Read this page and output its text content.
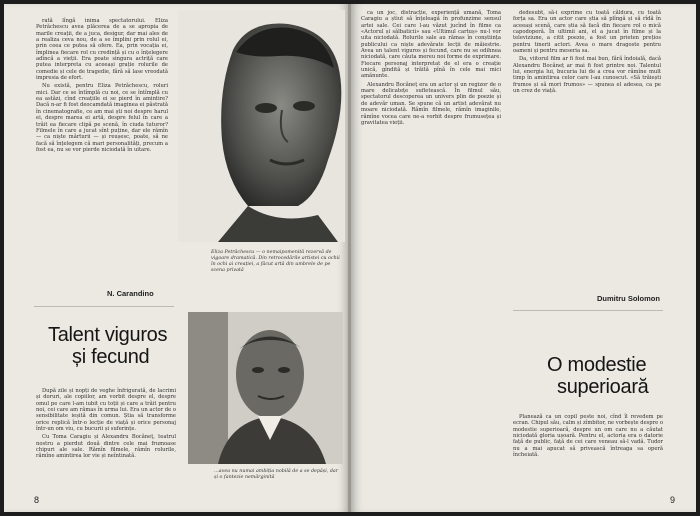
rată lîngă inima spectatorului. Eliza Petrăchescu avea plăcerea de a se apropia de marile creații, de a juca, desigur, dar mai ales de a realiza ceva nou, de a se împlini prin rolul ei, prin ceea ce putea să ofere. Ea, prin vocația ei, împlinea fiecare rol cu credință și cu o înțelegere adîncă a vieții. Era poate singura actriță care putea interpreta cu aceeași grație rolurile de comedie și cele de tragedie, fără să lase vreodată impresia de efort.

Nu există, pentru Eliza Petrăchescu, roluri mici. Dar ce se întîmplă cu noi, ce se întîmplă cu ea astăzi, cînd creațiile ei se pierd în amintire? Dacă n-ar fi fost deocamdată imaginea ei păstrată în cinematografie, ce am mai ști noi despre harul ei, despre marea ei artă, despre felul în care a trăit ea fiecare clipă pe scenă, în ciuda tuturor? Filmele în care a jucat sînt puține, dar ele rămîn — ca niște mărturii — și reușesc, poate, să ne facă să înțelegem că mari personalități, precum a fost ea, nu se vor pierde niciodată în uitare.

N. Carandino
Eliza Petrăchescu — o nemaipomenită rezervă de vigoare dramatică. Din retrocedările artistei cu ochii în ochi ai creației, a făcut artă din umbrele de pe scena privată
Talent viguros
și fecund

După zile și nopți de veghe înfrigurată, de lacrimi și doruri, ale copiilor, am vorbit despre el, despre omul pe care l-am iubit cu toții și care a trăit pentru noi, cei care am rămas în urma lui. Era un actor de o sensibilitate ieșită din comun. Știa să transforme orice replică într-o lecție de viață și orice personaj într-un om viu, cu bucurii și suferințe.

Cu Toma Caragiu și Alexandru Bocăneț, teatrul nostru a pierdut două dintre cele mai frumoase chipuri ale sale. Rămîn filmele, rămîn rolurile, rămîne amintirea lor vie și neîntinată.

…avea nu numai ambiția nobilă de a se depăși, dar și o fantezie nemărginită
8

ca un joc, distracție, experiență umană, Toma Caragiu a știut să înțeleagă în profunzime sensul artei sale. Cei care l-au văzut jucînd în filme ca «Actorul și sălbaticii» sau «Ultimul cartuș» nu-l vor uita niciodată. Rolurile sale au rămas în conștiința publicului ca niște adevărate lecții de măiestrie. Avea un talent viguros și fecund, care nu se odihnea niciodată, care căuta mereu noi forme de exprimare. Fiecare personaj interpretat de el era o creație unică, gîndită și trăită pînă în cele mai mici amănunte.

Alexandru Bocăneț era un actor și un regizor de o mare delicatețe sufletească. În filmul său, spectatorul descoperea un univers plin de poezie și de adevăr uman. Se spune că un artist adevărat nu moare niciodată. Rămîn filmele, rămîn imaginile, rămîne vocea care ne-a vorbit despre frumusețea și gravitatea vieții.

dedesubt, să-i exprime cu toată căldura, cu toată forța sa. Era un actor care știa să plîngă și să rîdă în aceeași scenă, care știa să facă din fiecare rol o mică capodoperă. În ultimii ani, el a jucat în filme și la televiziune, a citit poezie, a fost un prieten prețios pentru tinerii actori. Avea o mare dragoste pentru oameni și pentru meseria sa.

Da, viitorul film ar fi fost mai bun, fără îndoială, dacă Alexandru Bocăneț ar mai fi fost printre noi. Talentul lui, energia lui, bucuria lui de a crea vor rămîne mult timp în amintirea celor care l-au cunoscut. «Să trăiești frumos și să mori frumos» — spunea el adesea, ca pe un crez de viață.

Dumitru Solomon
O modestie
superioară

Planează ca un copil peste noi, cînd îl revedem pe ecran. Chipul său, calm și zîmbitor, ne vorbește despre o modestie superioară, despre un om care nu a căutat niciodată gloria ușoară. Pentru el, actoria era o datorie față de public, față de cei care veneau să-l vadă. Tudor nu a mai apucat să privească întreaga sa operă încheiată.

9
